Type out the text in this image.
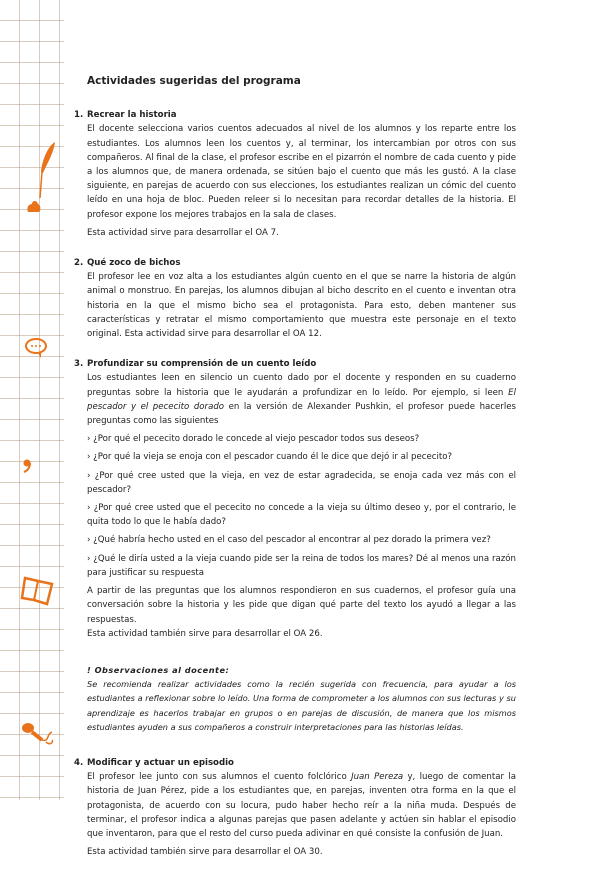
Actividades sugeridas del programa
1. Recrear la historia

El docente selecciona varios cuentos adecuados al nivel de los alumnos y los reparte entre los estudiantes. Los alumnos leen los cuentos y, al terminar, los intercambian por otros con sus compañeros. Al final de la clase, el profesor escribe en el pizarrón el nombre de cada cuento y pide a los alumnos que, de manera ordenada, se sitúen bajo el cuento que más les gustó. A la clase siguiente, en parejas de acuerdo con sus elecciones, los estudiantes realizan un cómic del cuento leído en una hoja de bloc. Pueden releer si lo necesitan para recordar detalles de la historia. El profesor expone los mejores trabajos en la sala de clases.

Esta actividad sirve para desarrollar el OA 7.

2. Qué zoco de bichos

El profesor lee en voz alta a los estudiantes algún cuento en el que se narre la historia de algún animal o monstruo. En parejas, los alumnos dibujan al bicho descrito en el cuento e inventan otra historia en la que el mismo bicho sea el protagonista. Para esto, deben mantener sus características y retratar el mismo comportamiento que muestra este personaje en el texto original. Esta actividad sirve para desarrollar el OA 12.

3. Profundizar su comprensión de un cuento leído

Los estudiantes leen en silencio un cuento dado por el docente y responden en su cuaderno preguntas sobre la historia que le ayudarán a profundizar en lo leído. Por ejemplo, si leen El pescador y el pececito dorado en la versión de Alexander Pushkin, el profesor puede hacerles preguntas como las siguientes

› ¿Por qué el pececito dorado le concede al viejo pescador todos sus deseos?

› ¿Por qué la vieja se enoja con el pescador cuando él le dice que dejó ir al pececito?

› ¿Por qué cree usted que la vieja, en vez de estar agradecida, se enoja cada vez más con el pescador?

› ¿Por qué cree usted que el pececito no concede a la vieja su último deseo y, por el contrario, le quita todo lo que le había dado?

› ¿Qué habría hecho usted en el caso del pescador al encontrar al pez dorado la primera vez?

› ¿Qué le diría usted a la vieja cuando pide ser la reina de todos los mares? Dé al menos una razón para justificar su respuesta

A partir de las preguntas que los alumnos respondieron en sus cuadernos, el profesor guía una conversación sobre la historia y les pide que digan qué parte del texto los ayudó a llegar a las respuestas.

Esta actividad también sirve para desarrollar el OA 26.

! Observaciones al docente:
Se recomienda realizar actividades como la recién sugerida con frecuencia, para ayudar a los estudiantes a reflexionar sobre lo leído. Una forma de comprometer a los alumnos con sus lecturas y su aprendizaje es hacerlos trabajar en grupos o en parejas de discusión, de manera que los mismos estudiantes ayuden a sus compañeros a construir interpretaciones para las historias leídas.
4. Modificar y actuar un episodio

El profesor lee junto con sus alumnos el cuento folclórico Juan Pereza y, luego de comentar la historia de Juan Pérez, pide a los estudiantes que, en parejas, inventen otra forma en la que el protagonista, de acuerdo con su locura, pudo haber hecho reír a la niña muda. Después de terminar, el profesor indica a algunas parejas que pasen adelante y actúen sin hablar el episodio que inventaron, para que el resto del curso pueda adivinar en qué consiste la confusión de Juan.

Esta actividad también sirve para desarrollar el OA 30.
